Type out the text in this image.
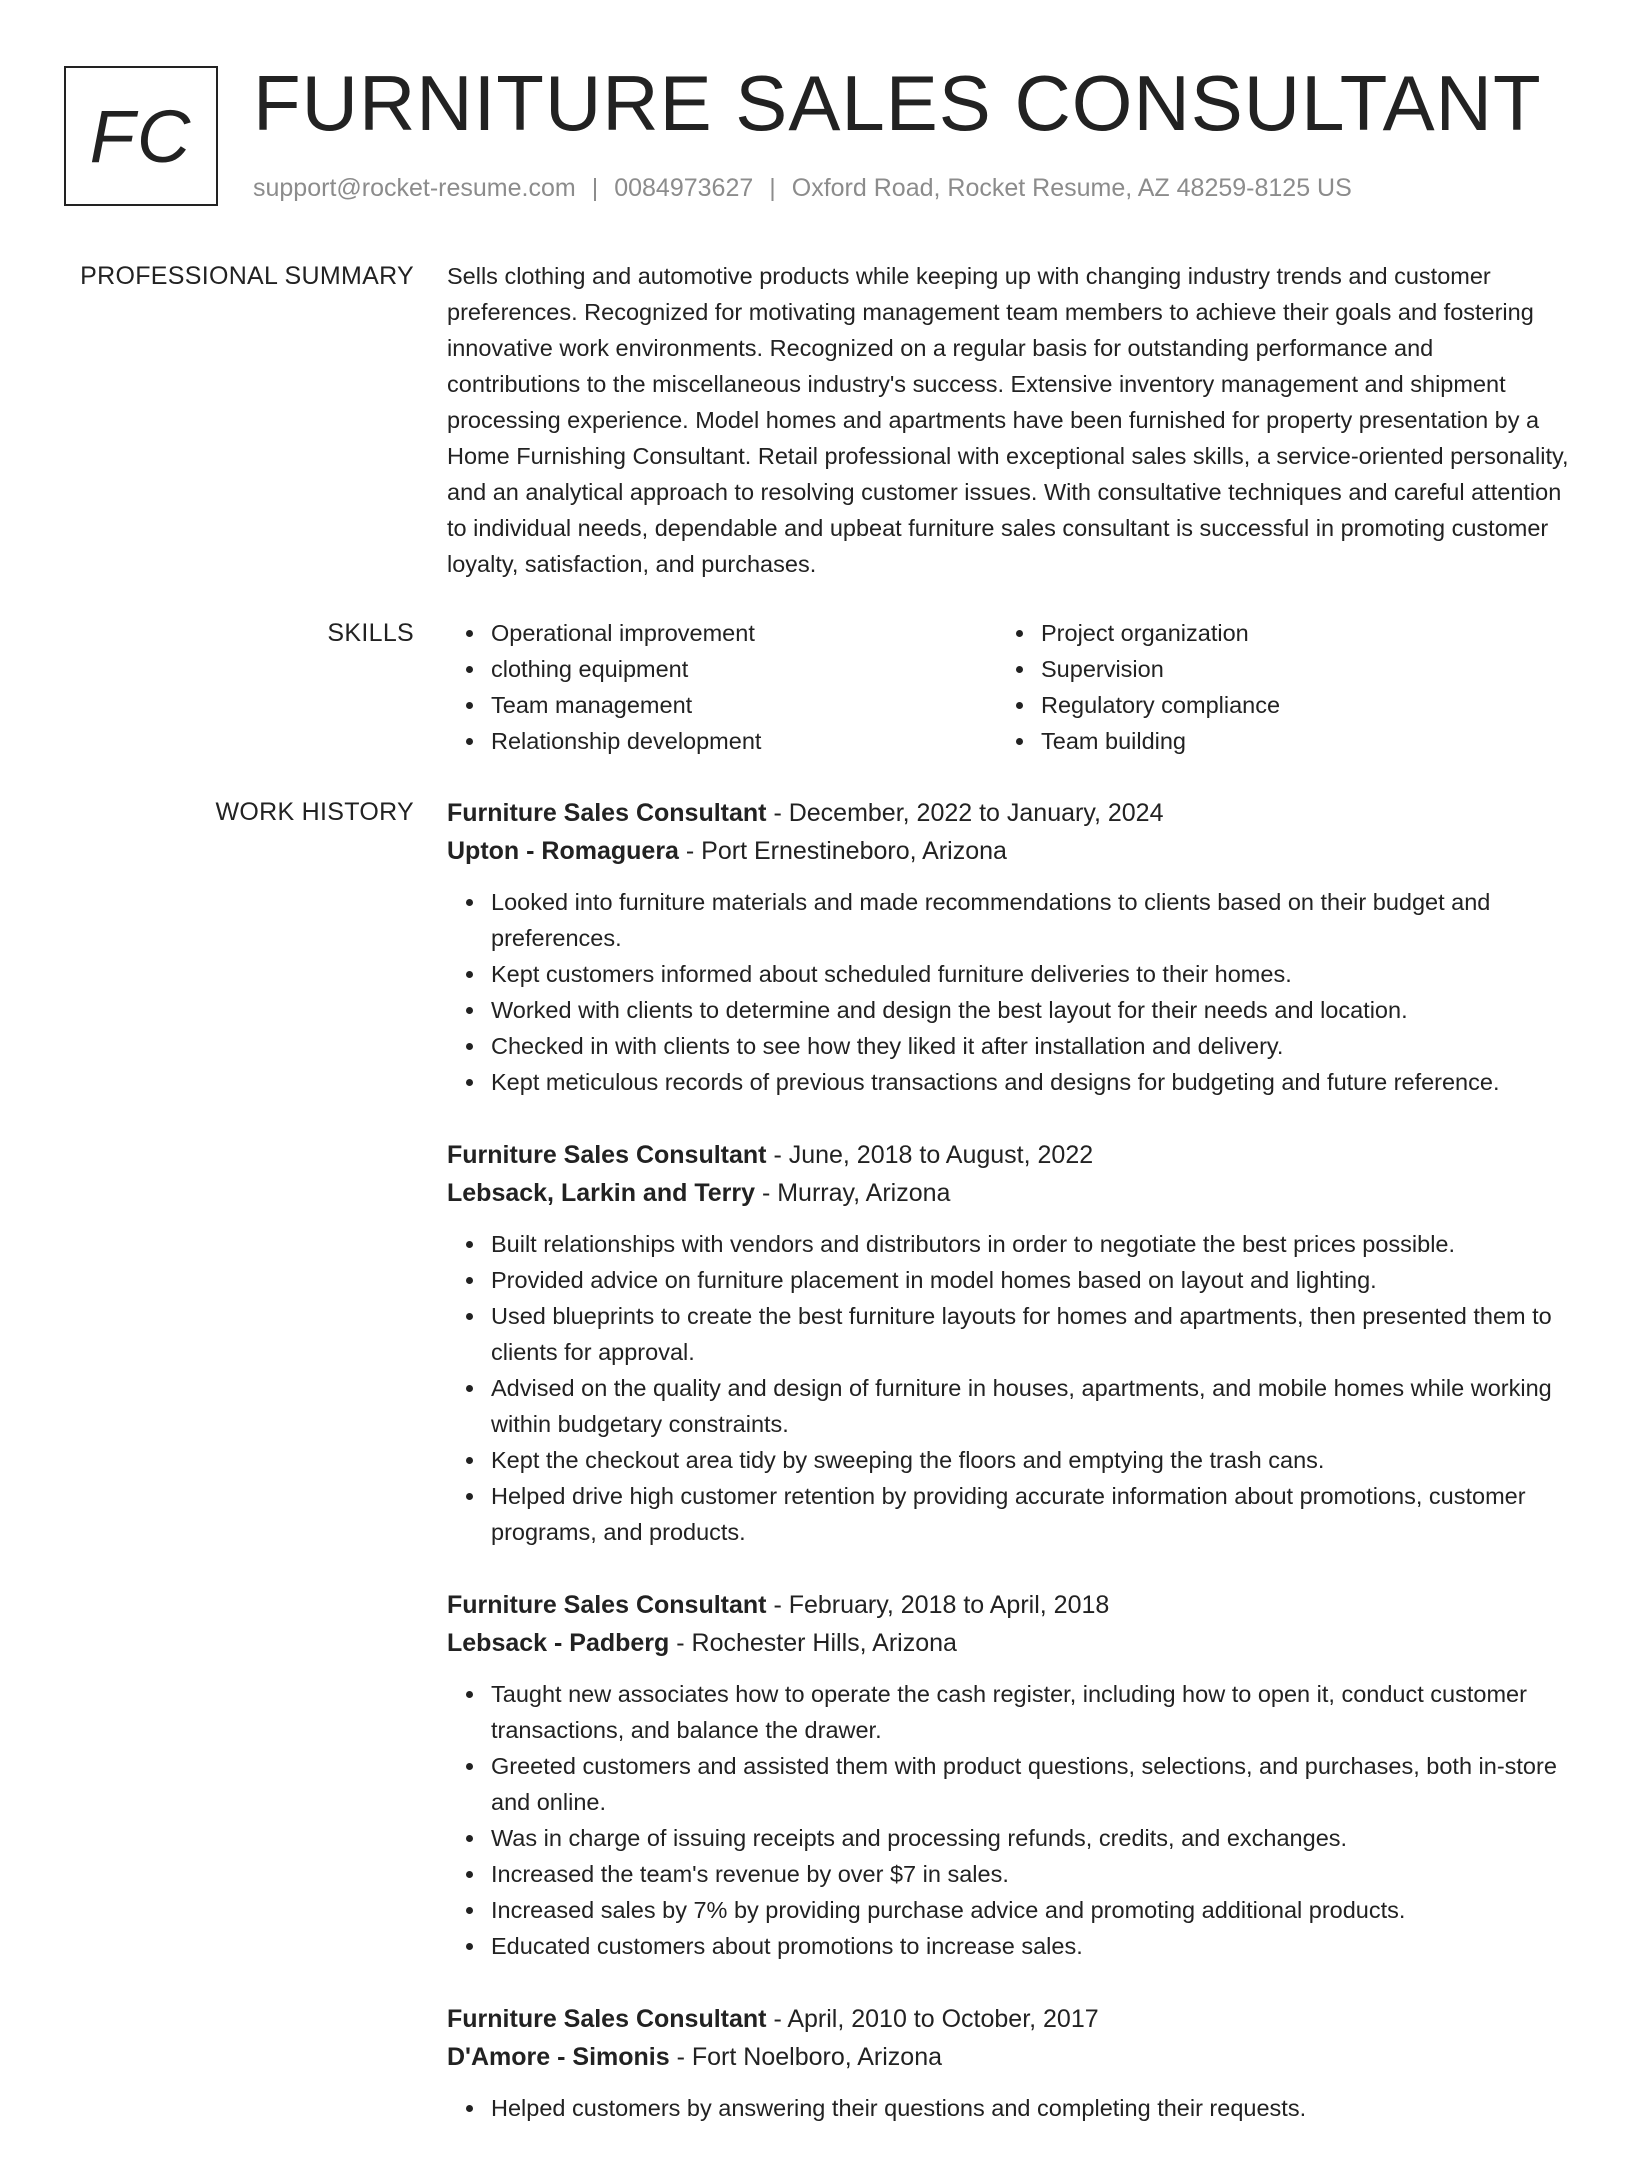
FC FURNITURE SALES CONSULTANT
support@rocket-resume.com | 0084973627 | Oxford Road, Rocket Resume, AZ 48259-8125 US
PROFESSIONAL SUMMARY Sells clothing and automotive products while keeping up with changing industry trends and customer preferences. Recognized for motivating management team members to achieve their goals and fostering innovative work environments. Recognized on a regular basis for outstanding performance and contributions to the miscellaneous industry's success. Extensive inventory management and shipment processing experience. Model homes and apartments have been furnished for property presentation by a Home Furnishing Consultant. Retail professional with exceptional sales skills, a service-oriented personality, and an analytical approach to resolving customer issues. With consultative techniques and careful attention to individual needs, dependable and upbeat furniture sales consultant is successful in promoting customer loyalty, satisfaction, and purchases.

SKILLS	Operational improvement
clothing equipment
Team management
Relationship development
Project organization
Supervision
Regulatory compliance
Team building
WORK HISTORY Furniture Sales Consultant - December, 2022 to January, 2024
Upton - Romaguera - Port Ernestineboro, Arizona
Looked into furniture materials and made recommendations to clients based on their budget and preferences.
Kept customers informed about scheduled furniture deliveries to their homes.
Worked with clients to determine and design the best layout for their needs and location.
Checked in with clients to see how they liked it after installation and delivery.
Kept meticulous records of previous transactions and designs for budgeting and future reference.
Furniture Sales Consultant - June, 2018 to August, 2022
Lebsack, Larkin and Terry - Murray, Arizona
Built relationships with vendors and distributors in order to negotiate the best prices possible.
Provided advice on furniture placement in model homes based on layout and lighting.
Used blueprints to create the best furniture layouts for homes and apartments, then presented them to clients for approval.
Advised on the quality and design of furniture in houses, apartments, and mobile homes while working within budgetary constraints.
Kept the checkout area tidy by sweeping the floors and emptying the trash cans.
Helped drive high customer retention by providing accurate information about promotions, customer programs, and products.
Furniture Sales Consultant - February, 2018 to April, 2018
Lebsack - Padberg - Rochester Hills, Arizona
Taught new associates how to operate the cash register, including how to open it, conduct customer transactions, and balance the drawer.
Greeted customers and assisted them with product questions, selections, and purchases, both in-store and online.
Was in charge of issuing receipts and processing refunds, credits, and exchanges.
Increased the team's revenue by over $7 in sales.
Increased sales by 7% by providing purchase advice and promoting additional products.
Educated customers about promotions to increase sales.
Furniture Sales Consultant - April, 2010 to October, 2017
D'Amore - Simonis - Fort Noelboro, Arizona
Helped customers by answering their questions and completing their requests.
